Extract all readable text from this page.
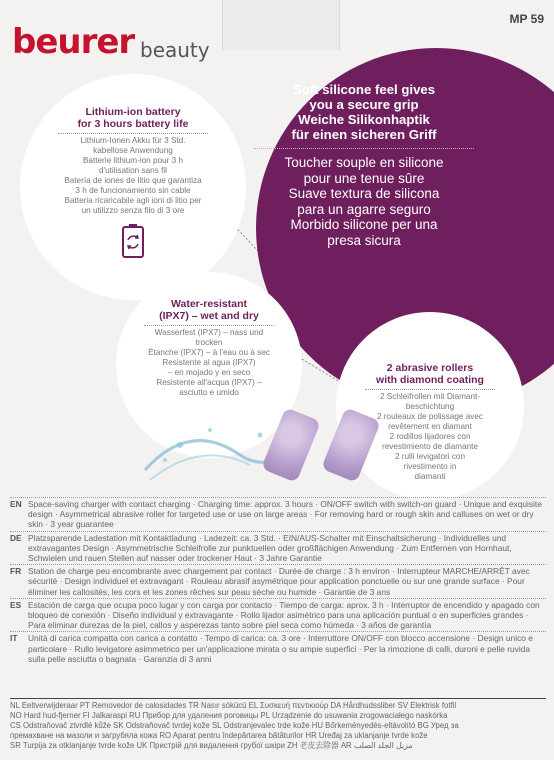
beurer beauty
MP 59
Soft silicone feel gives
you a secure grip
Weiche Silikonhaptik
für einen sicheren Griff
Toucher souple en silicone
pour une tenue sûre
Suave textura de silicona
para un agarre seguro
Morbido silicone per una
presa sicura
Lithium-ion battery
for 3 hours battery life
Lithium-Ionen Akku für 3 Std.
kabellose Anwendung
Batterie lithium-ion pour 3 h
d'utilisation sans fil
Batería de iones de litio que garantiza
3 h de funcionamiento sin cable
Batteria ricaricabile agli ioni di litio per
un utilizzo senza filo di 3 ore
Water-resistant
(IPX7) – wet and dry
Wasserfest (IPX7) – nass und
trocken
Étanche (IPX7) – à l'eau ou à sec
Resistente al agua (IPX7)
– en mojado y en seco
Resistente all'acqua (IPX7) –
asciutto e umido
2 abrasive rollers
with diamond coating
2 Schleifrollen mit Diamant-
beschichtung
2 rouleaux de polissage avec
revêtement en diamant
2 rodillos lijadores con
revestimiento de diamante
2 rulli levigatori con
rivestimento in
diamanti
EN Space-saving charger with contact charging · Charging time: approx. 3 hours · ON/OFF switch with switch-on guard · Unique and exquisite design · Asymmetrical abrasive roller for targeted use or use on large areas · For removing hard or rough skin and calluses on wet or dry skin · 3 year guarantee
DE Platzsparende Ladestation mit Kontaktladung · Ladezeit: ca. 3 Std. · EIN/AUS-Schalter mit Einschaltsicherung · Individuelles und extravagantes Design · Asymmetrische Schleifrolle zur punktuellen oder großflächigen Anwendung · Zum Entfernen von Hornhaut, Schwielen und rauen Stellen auf nasser oder trockener Haut · 3 Jahre Garantie
FR Station de charge peu encombrante avec chargement par contact · Durée de charge : 3 h environ · Interrupteur MARCHE/ARRÊT avec sécurité · Design individuel et extravagant · Rouleau abrasif asymétrique pour application ponctuelle ou sur une grande surface · Pour éliminer les callosités, les cors et les zones rêches sur peau sèche ou humide · Garantie de 3 ans
ES Estación de carga que ocupa poco lugar y con carga por contacto · Tiempo de carga: aprox. 3 h · Interruptor de encendido y apagado con bloqueo de conexión · Diseño individual y extravagante · Rollo lijador asimétrico para una aplicación puntual o en superficies grandes · Para eliminar durezas de la piel, callos y asperezas tanto sobre piel seca como húmeda · 3 años de garantía
IT	Unità di carica compatta con carica a contatto · Tempo di carica: ca. 3 ore · Interruttore ON/OFF con blocco accensione · Design unico e particolare · Rullo levigatore asimmetrico per un'applicazione mirata o su ampie superfici · Per la rimozione di calli, duroni e pelle ruvida sulla pelle asciutta o bagnata · Garanzia di 3 anni
NL Eeltverwijderaar PT Removedor de calosidades TR Nasır sökücü EL Συσκευή πεντικιούρ DA Hårdhudssliber SV Elektrisk fotfil
NO Hard hud-fjerner FI Jalkaraspi RU Прибор для удаления роговицы PL Urządzenie do usuwania zrogowaciałego naskórka
CS Odstraňovač ztvrdlé kůže SK Odstraňovač tvrdej kože SL Odstranjevalec trde kože HU Bőrkeményedés-eltávolító BG Уред за
премахване на мазоли и загрубяла кожа RO Aparat pentru îndepărtarea bătăturilor HR Uređaj za uklanjanje tvrde kože
SR Turpija za otklanjanje tvrde kože UK Пристрій для видалення грубої шкіри ZH 老皮去除器 AR مزيل الجلد الصلب
